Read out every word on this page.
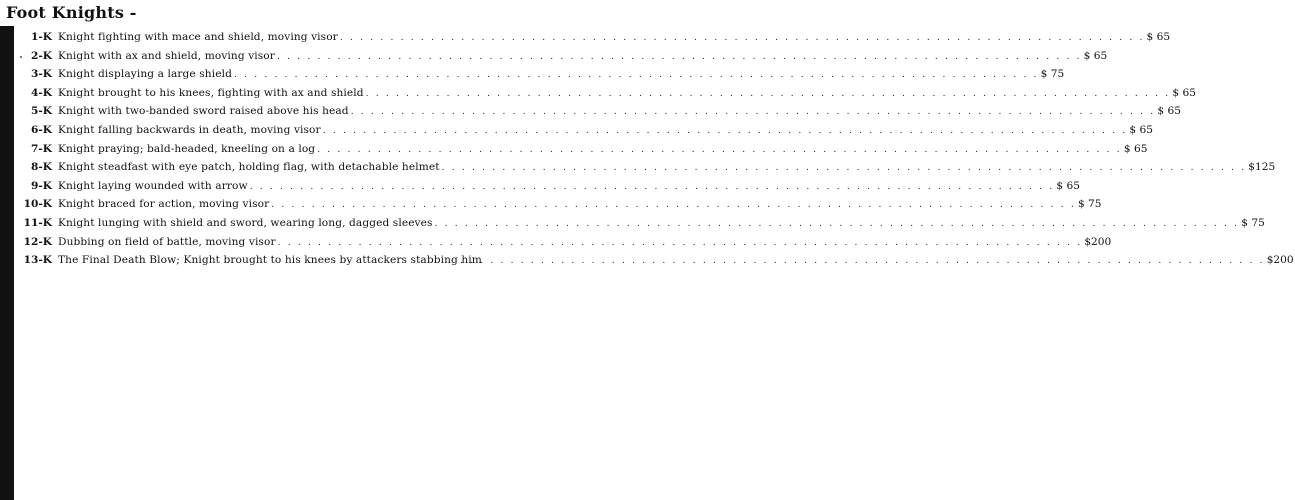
Foot Knights -
1-K Knight fighting with mace and shield, moving visor . . . . . . . . . . . . . . . . . . . . . . . . . . . . . . . . . . . . . . . . . . . . . . . . . . . . . . . . . . . . . . . . . . . . . . . . . . . . . . . . $ 65
2-K Knight with ax and shield, moving visor . . . . . . . . . . . . . . . . . . . . . . . . . . . . . . . . . . . . . . . . . . . . . . . . . . . . . . . . . . . . . . . . . . . . . . . . . . . . . . . . $ 65
3-K Knight displaying a large shield . . . . . . . . . . . . . . . . . . . . . . . . . . . . . . . . . . . . . . . . . . . . . . . . . . . . . . . . . . . . . . . . . . . . . . . . . . . . . . . . $ 75
4-K Knight brought to his knees, fighting with ax and shield . . . . . . . . . . . . . . . . . . . . . . . . . . . . . . . . . . . . . . . . . . . . . . . . . . . . . . . . . . . . . . . . . . . . . . . . . . . . . . . . $ 65
5-K Knight with two-banded sword raised above his head . . . . . . . . . . . . . . . . . . . . . . . . . . . . . . . . . . . . . . . . . . . . . . . . . . . . . . . . . . . . . . . . . . . . . . . . . . . . . . . . $ 65
6-K Knight falling backwards in death, moving visor . . . . . . . . . . . . . . . . . . . . . . . . . . . . . . . . . . . . . . . . . . . . . . . . . . . . . . . . . . . . . . . . . . . . . . . . . . . . . . . . $ 65
7-K Knight praying; bald-headed, kneeling on a log . . . . . . . . . . . . . . . . . . . . . . . . . . . . . . . . . . . . . . . . . . . . . . . . . . . . . . . . . . . . . . . . . . . . . . . . . . . . . . . . $ 65
8-K Knight steadfast with eye patch, holding flag, with detachable helmet . . . . . . . . . . . . . . . . . . . . . . . . . . . . . . . . . . . . . . . . . . . . . . . . . . . . . . . . . . . . . . . . . . . . . . . . . . . . . . . . $125
9-K Knight laying wounded with arrow . . . . . . . . . . . . . . . . . . . . . . . . . . . . . . . . . . . . . . . . . . . . . . . . . . . . . . . . . . . . . . . . . . . . . . . . . . . . . . . . $ 65
10-K Knight braced for action, moving visor . . . . . . . . . . . . . . . . . . . . . . . . . . . . . . . . . . . . . . . . . . . . . . . . . . . . . . . . . . . . . . . . . . . . . . . . . . . . . . . . $ 75
11-K Knight lunging with shield and sword, wearing long, dagged sleeves . . . . . . . . . . . . . . . . . . . . . . . . . . . . . . . . . . . . . . . . . . . . . . . . . . . . . . . . . . . . . . . . . . . . . . . . . . . . . . . . $ 75
12-K Dubbing on field of battle, moving visor . . . . . . . . . . . . . . . . . . . . . . . . . . . . . . . . . . . . . . . . . . . . . . . . . . . . . . . . . . . . . . . . . . . . . . . . . . . . . . . . $200
13-K The Final Death Blow; Knight brought to his knees by attackers stabbing him
. . . . . . . . . . . . . . . . . . . . . . . . . . . . . . . . . . . . . . . . . . . . . . . . . . . . . . . . . . . . . . . . . . . . . . . . . . . . . . . . $200
